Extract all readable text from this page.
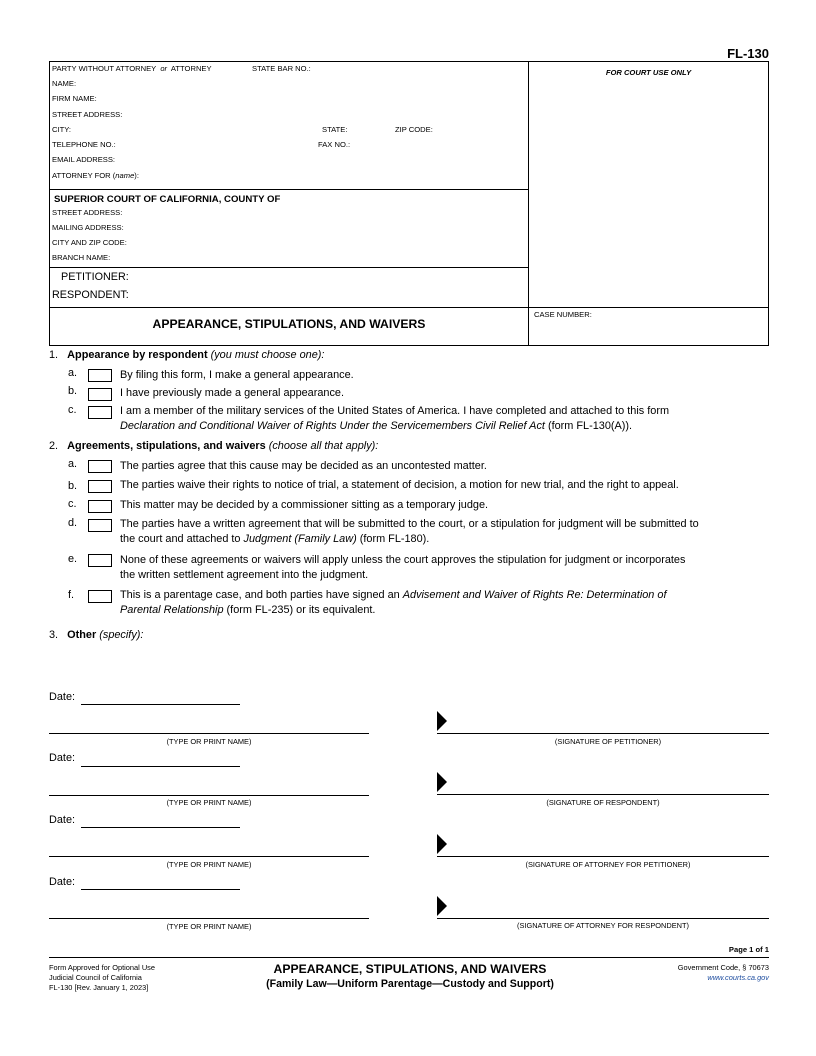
FL-130
PARTY WITHOUT ATTORNEY or ATTORNEY	STATE BAR NO.:
NAME:
FIRM NAME:
STREET ADDRESS:
CITY:	STATE:	ZIP CODE:
TELEPHONE NO.:	FAX NO.:
EMAIL ADDRESS:
ATTORNEY FOR (name):
SUPERIOR COURT OF CALIFORNIA, COUNTY OF
STREET ADDRESS:
MAILING ADDRESS:
CITY AND ZIP CODE:
BRANCH NAME:
PETITIONER:
RESPONDENT:
APPEARANCE, STIPULATIONS, AND WAIVERS
FOR COURT USE ONLY
CASE NUMBER:
1. Appearance by respondent (you must choose one):
a.	By filing this form, I make a general appearance.
b.	I have previously made a general appearance.
c.	I am a member of the military services of the United States of America. I have completed and attached to this form
Declaration and Conditional Waiver of Rights Under the Servicemembers Civil Relief Act (form FL-130(A)).
2. Agreements, stipulations, and waivers (choose all that apply):
a.	The parties agree that this cause may be decided as an uncontested matter.
b.	The parties waive their rights to notice of trial, a statement of decision, a motion for new trial, and the right to appeal.
c.	This matter may be decided by a commissioner sitting as a temporary judge.
d.	The parties have a written agreement that will be submitted to the court, or a stipulation for judgment will be submitted to
the court and attached to Judgment (Family Law) (form FL-180).
e.	None of these agreements or waivers will apply unless the court approves the stipulation for judgment or incorporates
the written settlement agreement into the judgment.
f.	This is a parentage case, and both parties have signed an Advisement and Waiver of Rights Re: Determination of
Parental Relationship (form FL-235) or its equivalent.
3. Other (specify):
Date:
(TYPE OR PRINT NAME)	(SIGNATURE OF PETITIONER)
Date:
(TYPE OR PRINT NAME)	(SIGNATURE OF RESPONDENT)
Date:
(TYPE OR PRINT NAME)	(SIGNATURE OF ATTORNEY FOR PETITIONER)
Date:
(TYPE OR PRINT NAME)	(SIGNATURE OF ATTORNEY FOR RESPONDENT)
Page 1 of 1
Form Approved for Optional Use
Judicial Council of California
FL-130 [Rev. January 1, 2023]
APPEARANCE, STIPULATIONS, AND WAIVERS
(Family Law—Uniform Parentage—Custody and Support)
Government Code, § 70673
www.courts.ca.gov
